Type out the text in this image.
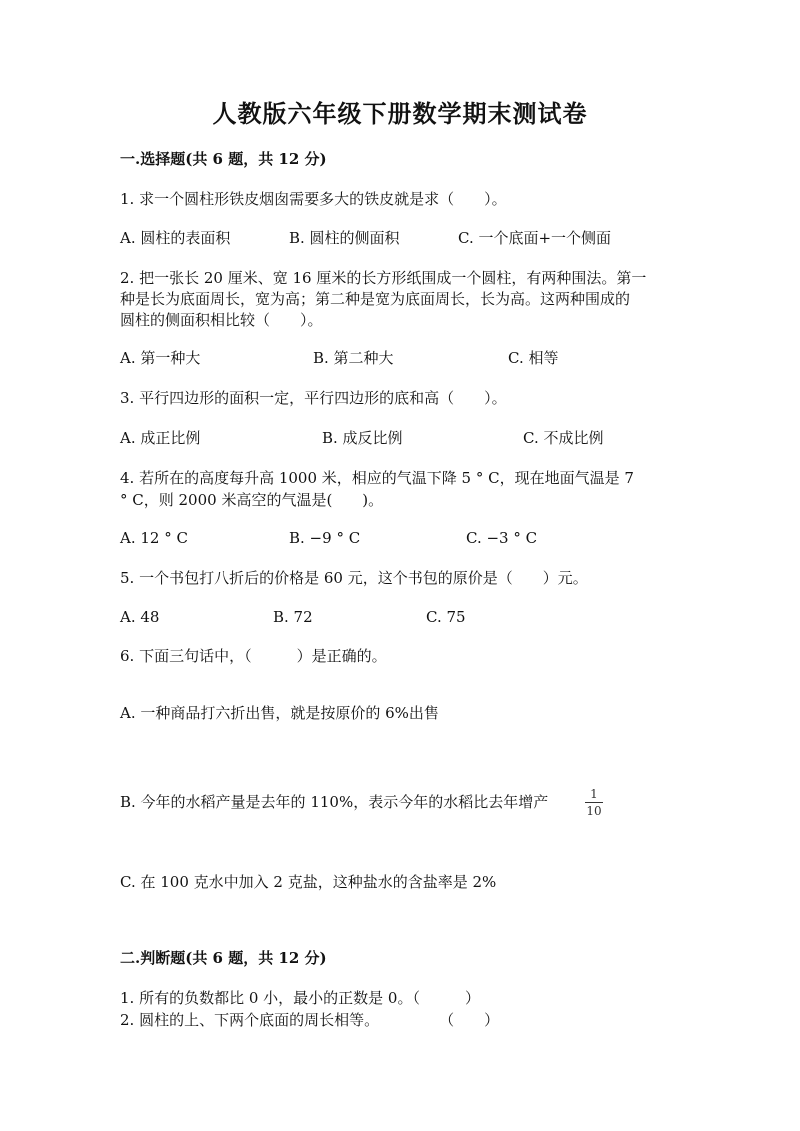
人教版六年级下册数学期末测试卷
一.选择题(共 6 题，共 12 分)
1. 求一个圆柱形铁皮烟囱需要多大的铁皮就是求（　　）。
A. 圆柱的表面积	B. 圆柱的侧面积	C. 一个底面+一个侧面
2. 把一张长 20 厘米、宽 16 厘米的长方形纸围成一个圆柱，有两种围法。第一
种是长为底面周长，宽为高；第二种是宽为底面周长，长为高。这两种围成的
圆柱的侧面积相比较（　　）。
A. 第一种大	B. 第二种大	C. 相等
3. 平行四边形的面积一定，平行四边形的底和高（　　）。
A. 成正比例	B. 成反比例	C. 不成比例
4. 若所在的高度每升高 1000 米，相应的气温下降 5 ° C，现在地面气温是 7
° C，则 2000 米高空的气温是(　　)。
A. 12 ° C	B. −9 ° C	C. −3 ° C
5. 一个书包打八折后的价格是 60 元，这个书包的原价是（　　）元。
A. 48	B. 72	C. 75
6. 下面三句话中，（　　　）是正确的。
A. 一种商品打六折出售，就是按原价的 6%出售
B. 今年的水稻产量是去年的 110%，表示今年的水稻比去年增产	1
10
C. 在 100 克水中加入 2 克盐，这种盐水的含盐率是 2%
二.判断题(共 6 题，共 12 分)
1. 所有的负数都比 0 小，最小的正数是 0。（　　　）
2. 圆柱的上、下两个底面的周长相等。　　　　　（　　）
